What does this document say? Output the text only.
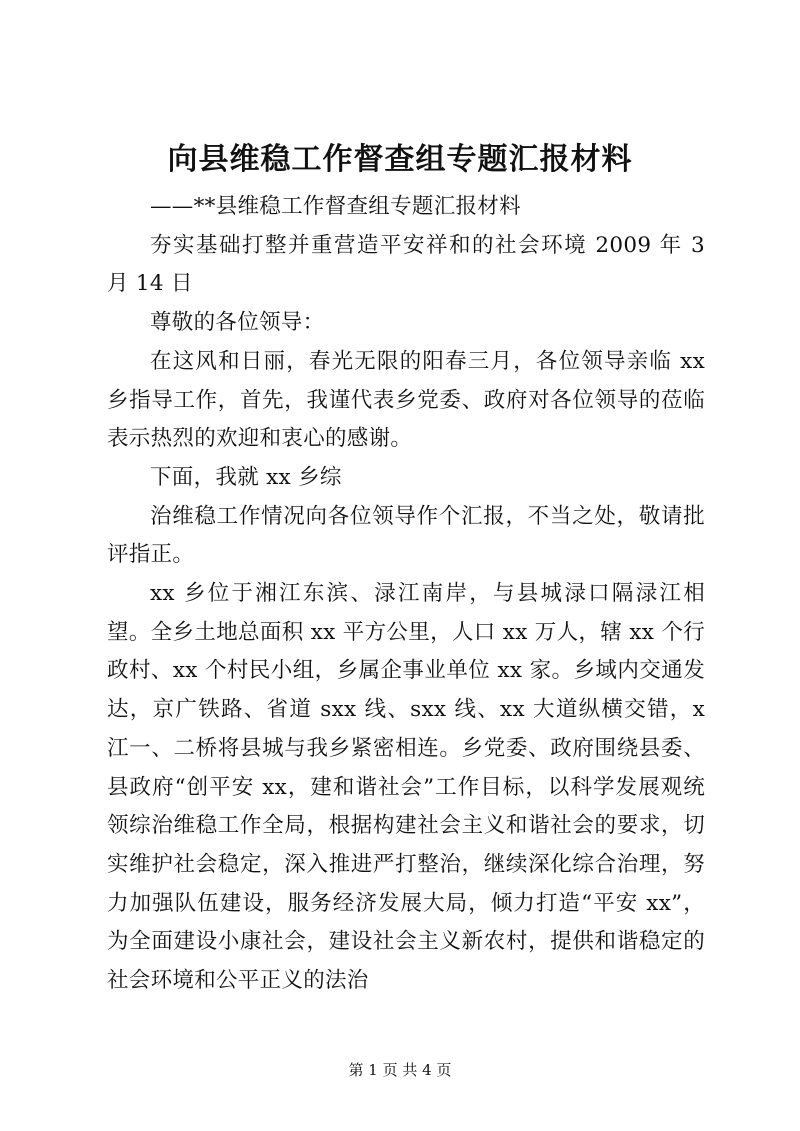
向县维稳工作督查组专题汇报材料

——**县维稳工作督查组专题汇报材料

夯实基础打整并重营造平安祥和的社会环境 2009 年 3 月 14 日

尊敬的各位领导：

在这风和日丽，春光无限的阳春三月，各位领导亲临 xx 乡指导工作，首先，我谨代表乡党委、政府对各位领导的莅临表示热烈的欢迎和衷心的感谢。

下面，我就 xx 乡综

治维稳工作情况向各位领导作个汇报，不当之处，敬请批评指正。

xx 乡位于湘江东滨、渌江南岸，与县城渌口隔渌江相望。全乡土地总面积 xx 平方公里，人口 xx 万人，辖 xx 个行政村、xx 个村民小组，乡属企事业单位 xx 家。乡域内交通发达，京广铁路、省道 sxx 线、sxx 线、xx 大道纵横交错，x 江一、二桥将县城与我乡紧密相连。乡党委、政府围绕县委、县政府“创平安 xx，建和谐社会”工作目标，以科学发展观统领综治维稳工作全局，根据构建社会主义和谐社会的要求，切实维护社会稳定，深入推进严打整治，继续深化综合治理，努力加强队伍建设，服务经济发展大局，倾力打造“平安 xx”，为全面建设小康社会，建设社会主义新农村，提供和谐稳定的社会环境和公平正义的法治

第 1 页 共 4 页
